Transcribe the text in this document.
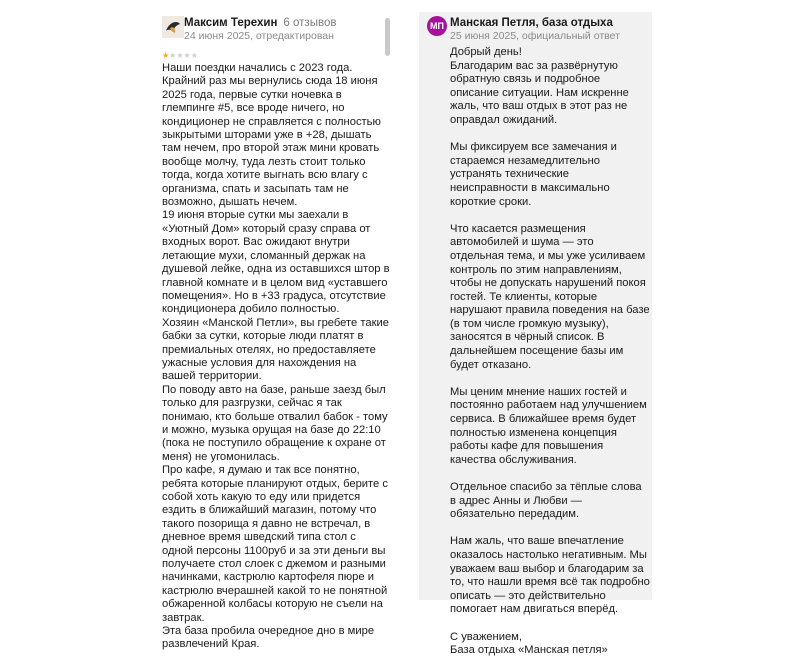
Максим Терехин 6 отзывов
24 июня 2025, отредактирован
★★★★★
Наши поездки начались с 2023 года.
Крайний раз мы вернулись сюда 18 июня 2025 года, первые сутки ночевка в глемпинге #5, все вроде ничего, но кондиционер не справляется с полностью зыкрытыми шторами уже в +28, дышать там нечем, про второй этаж мини кровать вообще молчу, туда лезть стоит только тогда, когда хотите выгнать всю влагу с организма, спать и засыпать там не возможно, дышать нечем.
19 июня вторые сутки мы заехали в «Уютный Дом» который сразу справа от входных ворот. Вас ожидают внутри летающие мухи, сломанный держак на душевой лейке, одна из оставшихся штор в главной комнате и в целом вид «уставшего помещения». Но в +33 градуса, отсутствие кондиционера добило полностью.
Хозяин «Манской Петли», вы гребете такие бабки за сутки, которые люди платят в премиальных отелях, но предоставляете ужасные условия для нахождения на вашей территории.
По поводу авто на базе, раньше заезд был только для разгрузки, сейчас я так понимаю, кто больше отвалил бабок - тому и можно, музыка орущая на базе до 22:10 (пока не поступило обращение к охране от меня) не угомонилась.
Про кафе, я думаю и так все понятно, ребята которые планируют отдых, берите с собой хоть какую то еду или придется ездить в ближайший магазин, потому что такого позорища я давно не встречал, в дневное время шведский типа стол с одной персоны 1100руб и за эти деньги вы получаете стол слоек с джемом и разными начинками, кастрюлю картофеля пюре и кастрюлю вчерашней какой то не понятной обжаренной колбасы которую не съели на завтрак.
Эта база пробила очередное дно в мире развлечений Края.
МП Манская Петля, база отдыха
25 июня 2025, официальный ответ
Добрый день!
Благодарим вас за развёрнутую обратную связь и подробное описание ситуации. Нам искренне жаль, что ваш отдых в этот раз не оправдал ожиданий.

Мы фиксируем все замечания и стараемся незамедлительно устранять технические неисправности в максимально короткие сроки.

Что касается размещения автомобилей и шума — это отдельная тема, и мы уже усиливаем контроль по этим направлениям, чтобы не допускать нарушений покоя гостей. Те клиенты, которые нарушают правила поведения на базе (в том числе громкую музыку), заносятся в чёрный список. В дальнейшем посещение базы им будет отказано.

Мы ценим мнение наших гостей и постоянно работаем над улучшением сервиса. В ближайшее время будет полностью изменена концепция работы кафе для повышения качества обслуживания.

Отдельное спасибо за тёплые слова в адрес Анны и Любви — обязательно передадим.

Нам жаль, что ваше впечатление оказалось настолько негативным. Мы уважаем ваш выбор и благодарим за то, что нашли время всё так подробно описать — это действительно помогает нам двигаться вперёд.

С уважением,
База отдыха «Манская петля»
